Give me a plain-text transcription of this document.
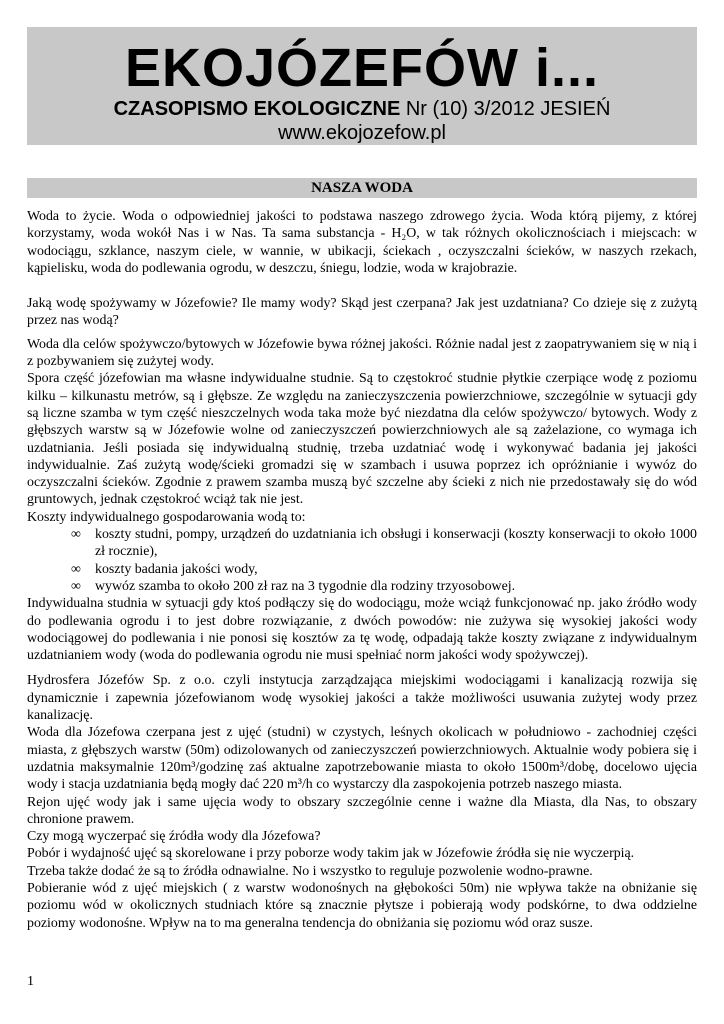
EKOJÓZEFÓW i...
CZASOPISMO EKOLOGICZNE Nr (10) 3/2012 JESIEŃ
www.ekojozefow.pl
NASZA WODA

Woda to życie. Woda o odpowiedniej jakości to podstawa naszego zdrowego życia. Woda którą pijemy, z której korzystamy, woda wokół Nas i w Nas. Ta sama substancja - H₂O, w tak różnych okolicznościach i miejscach: w wodociągu, szklance, naszym ciele, w wannie, w ubikacji, ściekach , oczyszczalni ścieków, w naszych rzekach, kąpielisku, woda do podlewania ogrodu, w deszczu, śniegu, lodzie, woda w krajobrazie.

Jaką wodę spożywamy w Józefowie? Ile mamy wody? Skąd jest czerpana? Jak jest uzdatniana? Co dzieje się z zużytą przez nas wodą?

Woda dla celów spożywczo/bytowych w Józefowie bywa różnej jakości. Różnie nadal jest z zaopatrywaniem się w nią i z pozbywaniem się zużytej wody.

Spora część józefowian ma własne indywidualne studnie. Są to częstokroć studnie płytkie czerpiące wodę z poziomu kilku – kilkunastu metrów, są i głębsze. Ze względu na zanieczyszczenia powierzchniowe, szczególnie w sytuacji gdy są liczne szamba w tym część nieszczelnych woda taka może być niezdatna dla celów spożywczo/ bytowych. Wody z głębszych warstw są w Józefowie wolne od zanieczyszczeń powierzchniowych ale są zażelazione, co wymaga ich uzdatniania. Jeśli posiada się indywidualną studnię, trzeba uzdatniać wodę i wykonywać badania jej jakości indywidualnie. Zaś zużytą wodę/ścieki gromadzi się w szambach i usuwa poprzez ich opróżnianie i wywóz do oczyszczalni ścieków. Zgodnie z prawem szamba muszą być szczelne aby ścieki z nich nie przedostawały się do wód gruntowych, jednak częstokroć wciąż tak nie jest.

Koszty indywidualnego gospodarowania wodą to:

∞ koszty studni, pompy, urządzeń do uzdatniania ich obsługi i konserwacji (koszty konserwacji to około 1000 zł rocznie),
∞ koszty badania jakości wody,
∞ wywóz szamba to około 200 zł raz na 3 tygodnie dla rodziny trzyosobowej.

Indywidualna studnia w sytuacji gdy ktoś podłączy się do wodociągu, może wciąż funkcjonować np. jako źródło wody do podlewania ogrodu i to jest dobre rozwiązanie, z dwóch powodów: nie zużywa się wysokiej jakości wody wodociągowej do podlewania i nie ponosi się kosztów za tę wodę, odpadają także koszty związane z indywidualnym uzdatnianiem wody (woda do podlewania ogrodu nie musi spełniać norm jakości wody spożywczej).

Hydrosfera Józefów Sp. z o.o. czyli instytucja zarządzająca miejskimi wodociągami i kanalizacją rozwija się dynamicznie i zapewnia józefowianom wodę wysokiej jakości a także możliwości usuwania zużytej wody przez kanalizację.

Woda dla Józefowa czerpana jest z ujęć (studni) w czystych, leśnych okolicach w południowo - zachodniej części miasta, z głębszych warstw (50m) odizolowanych od zanieczyszczeń powierzchniowych. Aktualnie wody pobiera się i uzdatnia maksymalnie 120m³/godzinę zaś aktualne zapotrzebowanie miasta to około 1500m³/dobę, docelowo ujęcia wody i stacja uzdatniania będą mogły dać 220 m³/h co wystarczy dla zaspokojenia potrzeb naszego miasta.

Rejon ujęć wody jak i same ujęcia wody to obszary szczególnie cenne i ważne dla Miasta, dla Nas, to obszary chronione prawem.

Czy mogą wyczerpać się źródła wody dla Józefowa?

Pobór i wydajność ujęć są skorelowane i przy poborze wody takim jak w Józefowie źródła się nie wyczerpią.

Trzeba także dodać że są to źródła odnawialne. No i wszystko to reguluje pozwolenie wodno-prawne.

Pobieranie wód z ujęć miejskich ( z warstw wodonośnych na głębokości 50m) nie wpływa także na obniżanie się poziomu wód w okolicznych studniach które są znacznie płytsze i pobierają wody podskórne, to dwa oddzielne poziomy wodonośne. Wpływ na to ma generalna tendencja do obniżania się poziomu wód oraz susze.

1
